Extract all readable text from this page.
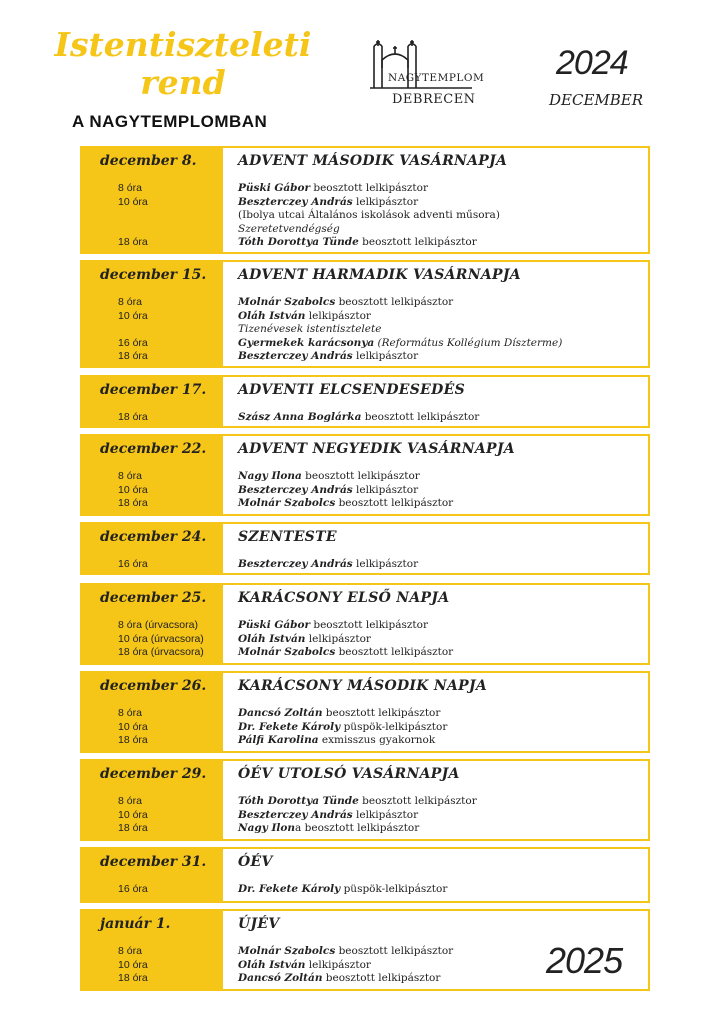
Istentiszteleti
rend
A NAGYTEMPLOMBAN
NAGYTEMPLOM
DEBRECEN
2024
DECEMBER
december 8.	ADVENT MÁSODIK VASÁRNAPJA
8 óra	Püski Gábor beosztott lelkipásztor
10 óra	Beszterczey András lelkipásztor
(Ibolya utcai Általános iskolások adventi műsora)
Szeretetvendégség
18 óra	Tóth Dorottya Tünde beosztott lelkipásztor
december 15. ADVENT HARMADIK VASÁRNAPJA
8 óra	Molnár Szabolcs beosztott lelkipásztor
10 óra	Oláh István lelkipásztor
Tizenévesek istentisztelete
16 óra	Gyermekek karácsonya (Református Kollégium Díszterme)
18 óra	Beszterczey András lelkipásztor
december 17. ADVENTI ELCSENDESEDÉS
18 óra	Szász Anna Boglárka beosztott lelkipásztor
december 22. ADVENT NEGYEDIK VASÁRNAPJA
8 óra	Nagy Ilona beosztott lelkipásztor
10 óra	Beszterczey András lelkipásztor
18 óra	Molnár Szabolcs beosztott lelkipásztor
december 24. SZENTESTE
16 óra	Beszterczey András lelkipásztor
december 25. KARÁCSONY ELSŐ NAPJA
8 óra (úrvacsora)	Püski Gábor beosztott lelkipásztor
10 óra (úrvacsora)	Oláh István lelkipásztor
18 óra (úrvacsora)	Molnár Szabolcs beosztott lelkipásztor
december 26. KARÁCSONY MÁSODIK NAPJA
8 óra	Dancsó Zoltán beosztott lelkipásztor
10 óra	Dr. Fekete Károly püspök-lelkipásztor
18 óra	Pálfi Karolina exmisszus gyakornok
december 29. ÓÉV UTOLSÓ VASÁRNAPJA
8 óra	Tóth Dorottya Tünde beosztott lelkipásztor
10 óra	Beszterczey András lelkipásztor
18 óra	Nagy Ilona beosztott lelkipásztor
december 31. ÓÉV
16 óra	Dr. Fekete Károly püspök-lelkipásztor
január 1.	ÚJÉV
8 óra	Molnár Szabolcs beosztott lelkipásztor
10 óra	Oláh István lelkipásztor
18 óra	Dancsó Zoltán beosztott lelkipásztor	2025
